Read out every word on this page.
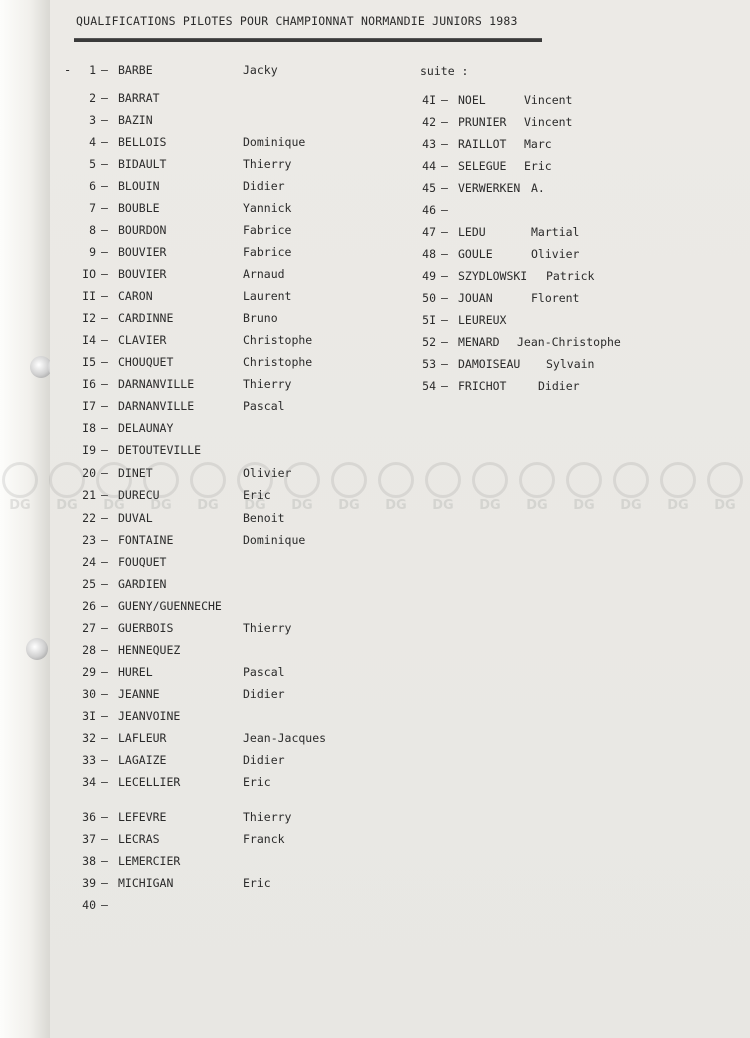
QUALIFICATIONS PILOTES POUR CHAMPIONNAT NORMANDIE JUNIORS 1983
-	suite :
1 — BARBE	Jacky
2 — BARRAT
3 — BAZIN
4 — BELLOIS	Dominique
5 — BIDAULT	Thierry
6 — BLOUIN	Didier
7 — BOUBLE	Yannick
8 — BOURDON	Fabrice
9 — BOUVIER	Fabrice
IO — BOUVIER	Arnaud
II — CARON	Laurent
I2 — CARDINNE	Bruno
I4 — CLAVIER	Christophe
I5 — CHOUQUET	Christophe
I6 — DARNANVILLE	Thierry
I7 — DARNANVILLE	Pascal
I8 — DELAUNAY
I9 — DETOUTEVILLE
20 — DINET	Olivier
21 — DURECU	Eric
22 — DUVAL	Benoit
23 — FONTAINE	Dominique
24 — FOUQUET
25 — GARDIEN
26 — GUENY/GUENNECHE
27 — GUERBOIS	Thierry
28 — HENNEQUEZ
29 — HUREL	Pascal
30 — JEANNE	Didier
3I — JEANVOINE
32 — LAFLEUR	Jean-Jacques
33 — LAGAIZE	Didier
34 — LECELLIER	Eric
36 — LEFEVRE	Thierry
37 — LECRAS	Franck
38 — LEMERCIER
39 — MICHIGAN	Eric
40 —
4I — NOEL	Vincent
42 — PRUNIER Vincent
43 — RAILLOT Marc
44 — SELEGUE Eric
45 — VERWERKEN A.
46 —
47 — LEDU	Martial
48 — GOULE	Olivier
49 — SZYDLOWSKI Patrick
50 — JOUAN	Florent
5I — LEUREUX
52 — MENARD Jean-Christophe
53 — DAMOISEAU Sylvain
54 — FRICHOT	Didier
